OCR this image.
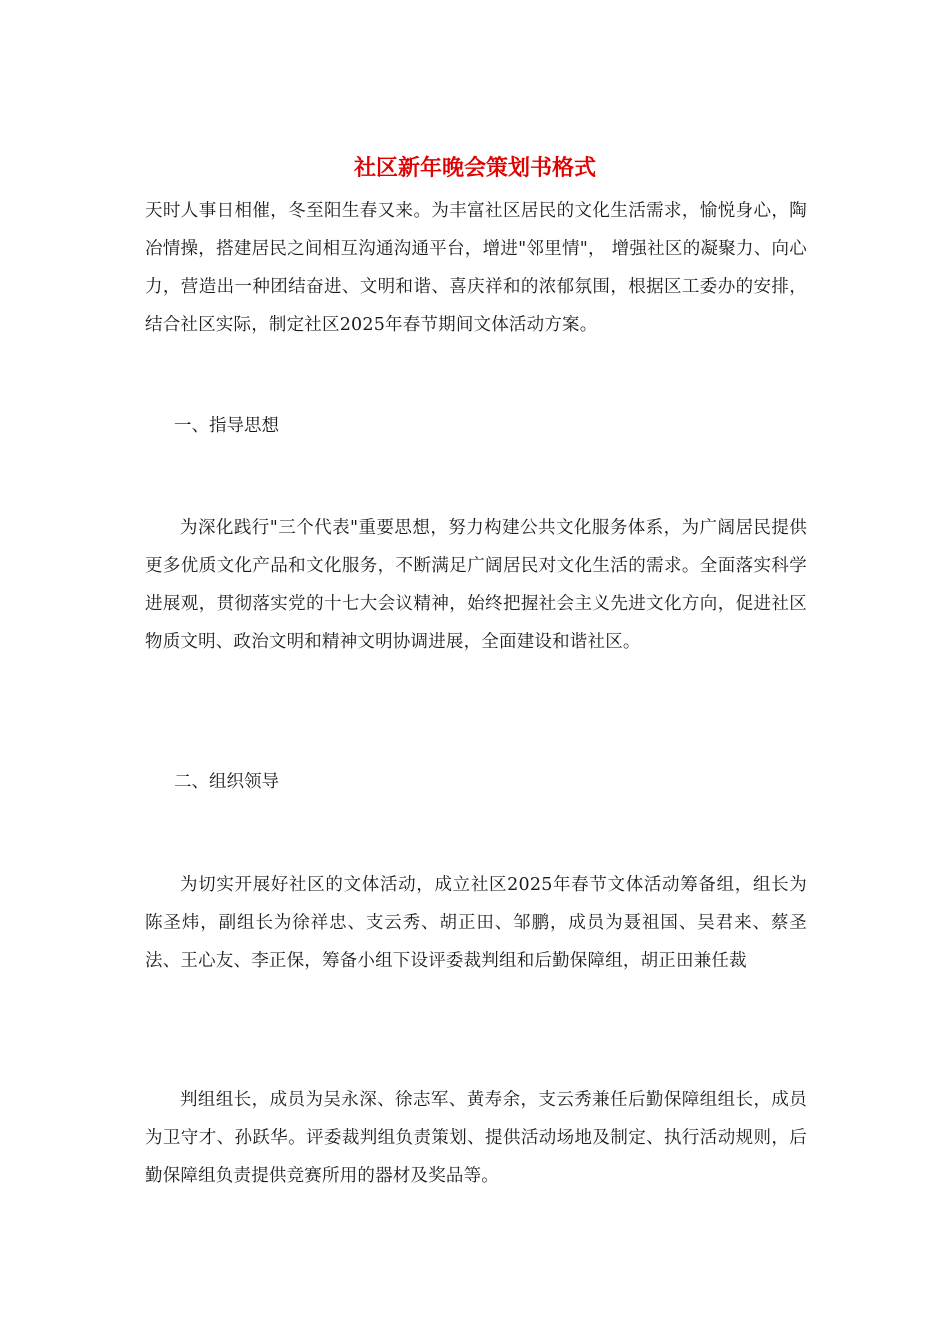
社区新年晚会策划书格式

天时人事日相催，冬至阳生春又来。为丰富社区居民的文化生活需求，愉悦身心，陶冶情操，搭建居民之间相互沟通沟通平台，增进"邻里情"， 增强社区的凝聚力、向心力，营造出一种团结奋进、文明和谐、喜庆祥和的浓郁氛围，根据区工委办的安排，结合社区实际，制定社区2025年春节期间文体活动方案。

一、指导思想

为深化践行"三个代表"重要思想，努力构建公共文化服务体系，为广阔居民提供更多优质文化产品和文化服务，不断满足广阔居民对文化生活的需求。全面落实科学进展观，贯彻落实党的十七大会议精神，始终把握社会主义先进文化方向，促进社区物质文明、政治文明和精神文明协调进展，全面建设和谐社区。

二、组织领导

为切实开展好社区的文体活动，成立社区2025年春节文体活动筹备组，组长为陈圣炜，副组长为徐祥忠、支云秀、胡正田、邹鹏，成员为聂祖国、吴君来、蔡圣法、王心友、李正保，筹备小组下设评委裁判组和后勤保障组，胡正田兼任裁

判组组长，成员为吴永深、徐志军、黄寿余，支云秀兼任后勤保障组组长，成员为卫守才、孙跃华。评委裁判组负责策划、提供活动场地及制定、执行活动规则，后勤保障组负责提供竞赛所用的器材及奖品等。
